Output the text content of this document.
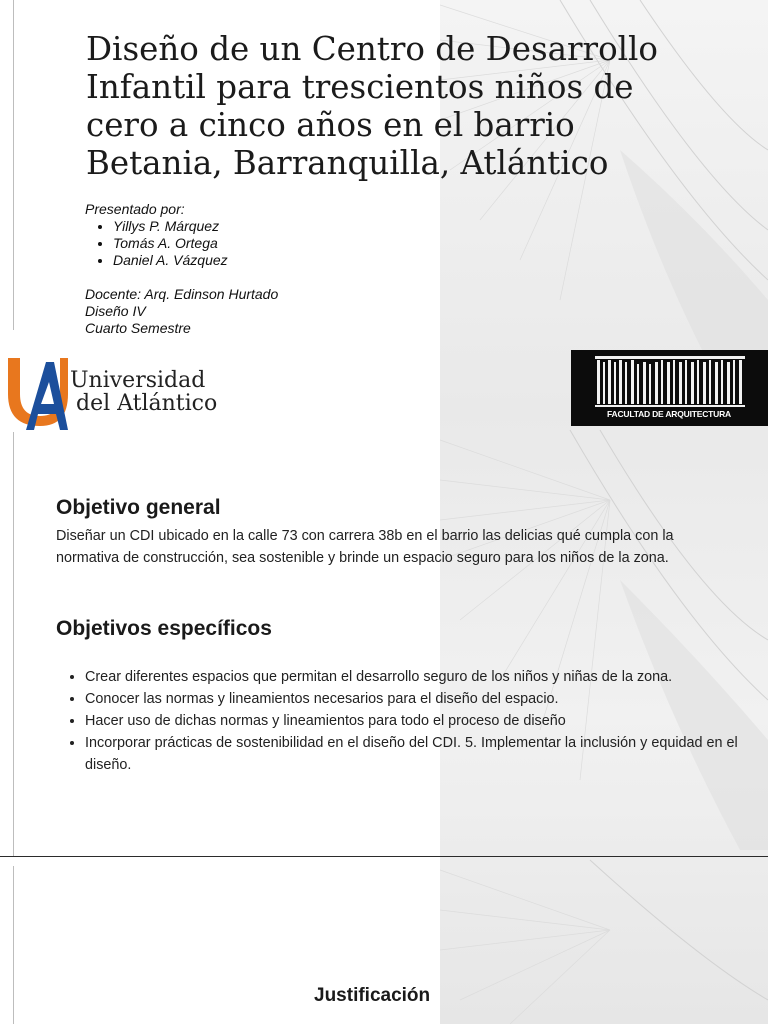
Diseño de un Centro de Desarrollo Infantil para trescientos niños de cero a cinco años en el barrio Betania, Barranquilla, Atlántico
Presentado por:
• Yillys P. Márquez
• Tomás A. Ortega
• Daniel A. Vázquez
Docente: Arq. Edinson Hurtado
Diseño IV
Cuarto Semestre
Universidad
del Atlántico	FACULTAD DE ARQUITECTURA
Objetivo general

Diseñar un CDI ubicado en la calle 73 con carrera 38b en el barrio las delicias qué cumpla con la normativa de construcción, sea sostenible y brinde un espacio seguro para los niños de la zona.

Objetivos específicos
• Crear diferentes espacios que permitan el desarrollo seguro de los niños y niñas de la zona.
• Conocer las normas y lineamientos necesarios para el diseño del espacio.
• Hacer uso de dichas normas y lineamientos para todo el proceso de diseño
• Incorporar prácticas de sostenibilidad en el diseño del CDI. 5. Implementar la inclusión y equidad en el diseño.
Justificación
